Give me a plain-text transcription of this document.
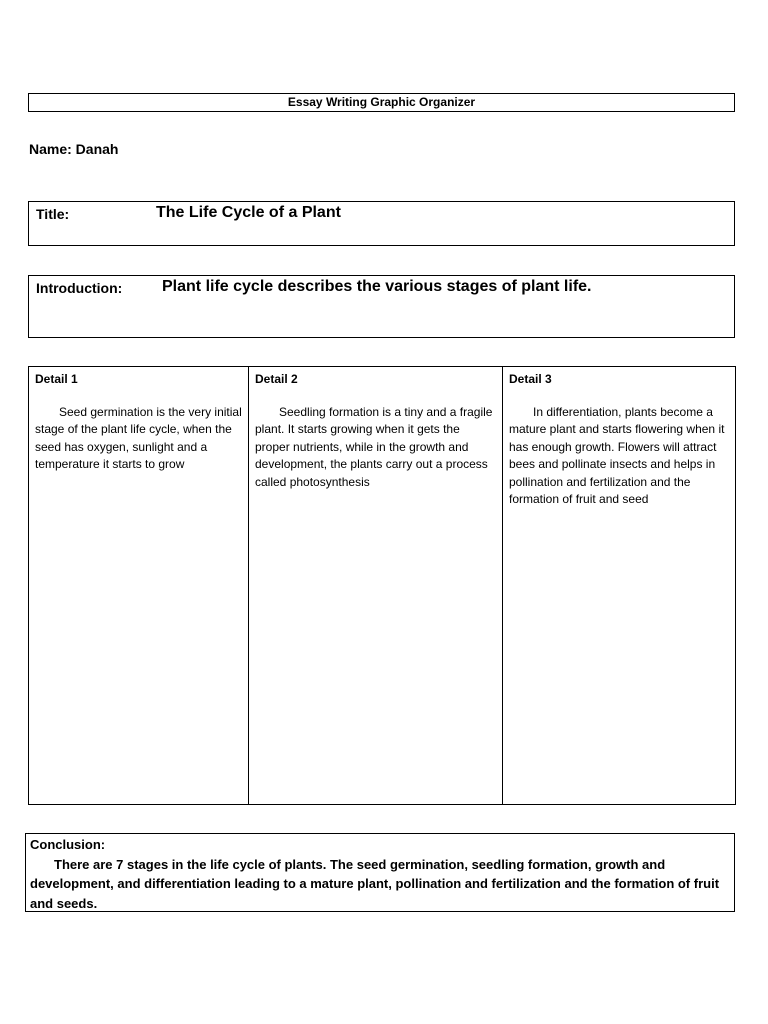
Essay Writing Graphic Organizer
Name: Danah
Title:	The Life Cycle of a Plant
Introduction: Plant life cycle describes the various stages of plant life.
Detail 1
Seed germination is the very initial stage of the plant life cycle, when the seed has oxygen, sunlight and a temperature it starts to grow

Detail 2
Seedling formation is a tiny and a fragile plant. It starts growing when it gets the proper nutrients, while in the growth and development, the plants carry out a process called photosynthesis

Detail 3
In differentiation, plants become a mature plant and starts flowering when it has enough growth. Flowers will attract bees and pollinate insects and helps in pollination and fertilization and the formation of fruit and seed
Conclusion:
There are 7 stages in the life cycle of plants. The seed germination, seedling formation, growth and development, and differentiation leading to a mature plant, pollination and fertilization and the formation of fruit and seeds.
